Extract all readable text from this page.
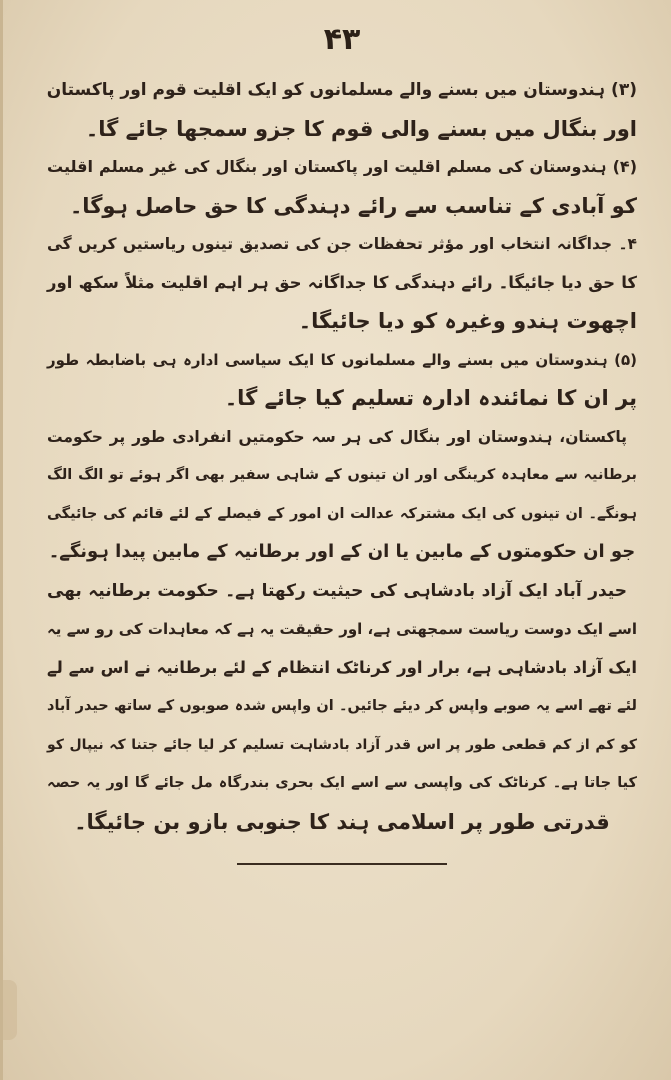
۴۳
(۳) ہندوستان میں بسنے والے مسلمانوں کو ایک اقلیت قوم اور پاکستان
اور بنگال میں بسنے والی قوم کا جزو سمجھا جائے گا۔
(۴) ہندوستان کی مسلم اقلیت اور پاکستان اور بنگال کی غیر مسلم اقلیت
کو آبادی کے تناسب سے رائے دہندگی کا حق حاصل ہوگا۔
۴۔ جداگانہ انتخاب اور مؤثر تحفظات جن کی تصدیق تینوں ریاستیں کریں گی
کا حق دیا جائیگا۔ رائے دہندگی کا جداگانہ حق ہر اہم اقلیت مثلاً سکھ اور
اچھوت ہندو وغیرہ کو دیا جائیگا۔
(۵) ہندوستان میں بسنے والے مسلمانوں کا ایک سیاسی ادارہ ہی باضابطہ طور
پر ان کا نمائندہ ادارہ تسلیم کیا جائے گا۔
پاکستان، ہندوستان اور بنگال کی ہر سہ حکومتیں انفرادی طور پر حکومت
برطانیہ سے معاہدہ کرینگی اور ان تینوں کے شاہی سفیر بھی اگر ہوئے تو الگ الگ
ہونگے۔ ان تینوں کی ایک مشترکہ عدالت ان امور کے فیصلے کے لئے قائم کی جائیگی
جو ان حکومتوں کے مابین یا ان کے اور برطانیہ کے مابین پیدا ہونگے۔
حیدر آباد ایک آزاد بادشاہی کی حیثیت رکھتا ہے۔ حکومت برطانیہ بھی
اسے ایک دوست ریاست سمجھتی ہے، اور حقیقت یہ ہے کہ معاہدات کی رو سے یہ
ایک آزاد بادشاہی ہے، برار اور کرناٹک انتظام کے لئے برطانیہ نے اس سے لے
لئے تھے اسے یہ صوبے واپس کر دیئے جائیں۔ ان واپس شدہ صوبوں کے ساتھ حیدر آباد
کو کم از کم قطعی طور پر اس قدر آزاد بادشاہت تسلیم کر لیا جائے جتنا کہ نیپال کو
کیا جاتا ہے۔ کرناٹک کی واپسی سے اسے ایک بحری بندرگاہ مل جائے گا اور یہ حصہ
قدرتی طور پر اسلامی ہند کا جنوبی بازو بن جائیگا۔
